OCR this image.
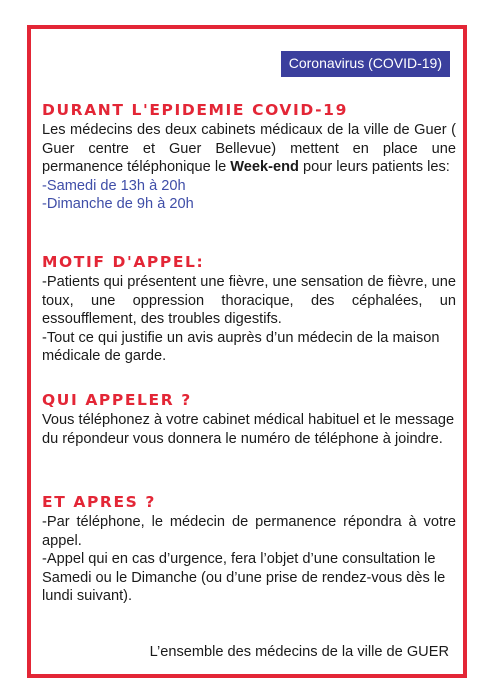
Coronavirus (COVID-19)
DURANT L'EPIDEMIE COVID-19

Les médecins des deux cabinets médicaux de la ville de Guer ( Guer centre et Guer Bellevue) mettent en place une permanence téléphonique le Week-end pour leurs patients les:

-Samedi de 13h à 20h

-Dimanche de 9h à 20h

MOTIF D'APPEL:

-Patients qui présentent une fièvre, une sensation de fièvre, une toux, une oppression thoracique, des céphalées, un essoufflement, des troubles digestifs.

-Tout ce qui justifie un avis auprès d’un médecin de la maison médicale de garde.

QUI APPELER ?

Vous téléphonez à votre cabinet médical habituel et le message du répondeur vous donnera le numéro de téléphone à joindre.

ET APRES ?

-Par téléphone, le médecin de permanence répondra à votre appel.

-Appel qui en cas d’urgence, fera l’objet d’une consultation le Samedi ou le Dimanche (ou d’une prise de rendez-vous dès le lundi suivant).

L’ensemble des médecins de la ville de GUER
